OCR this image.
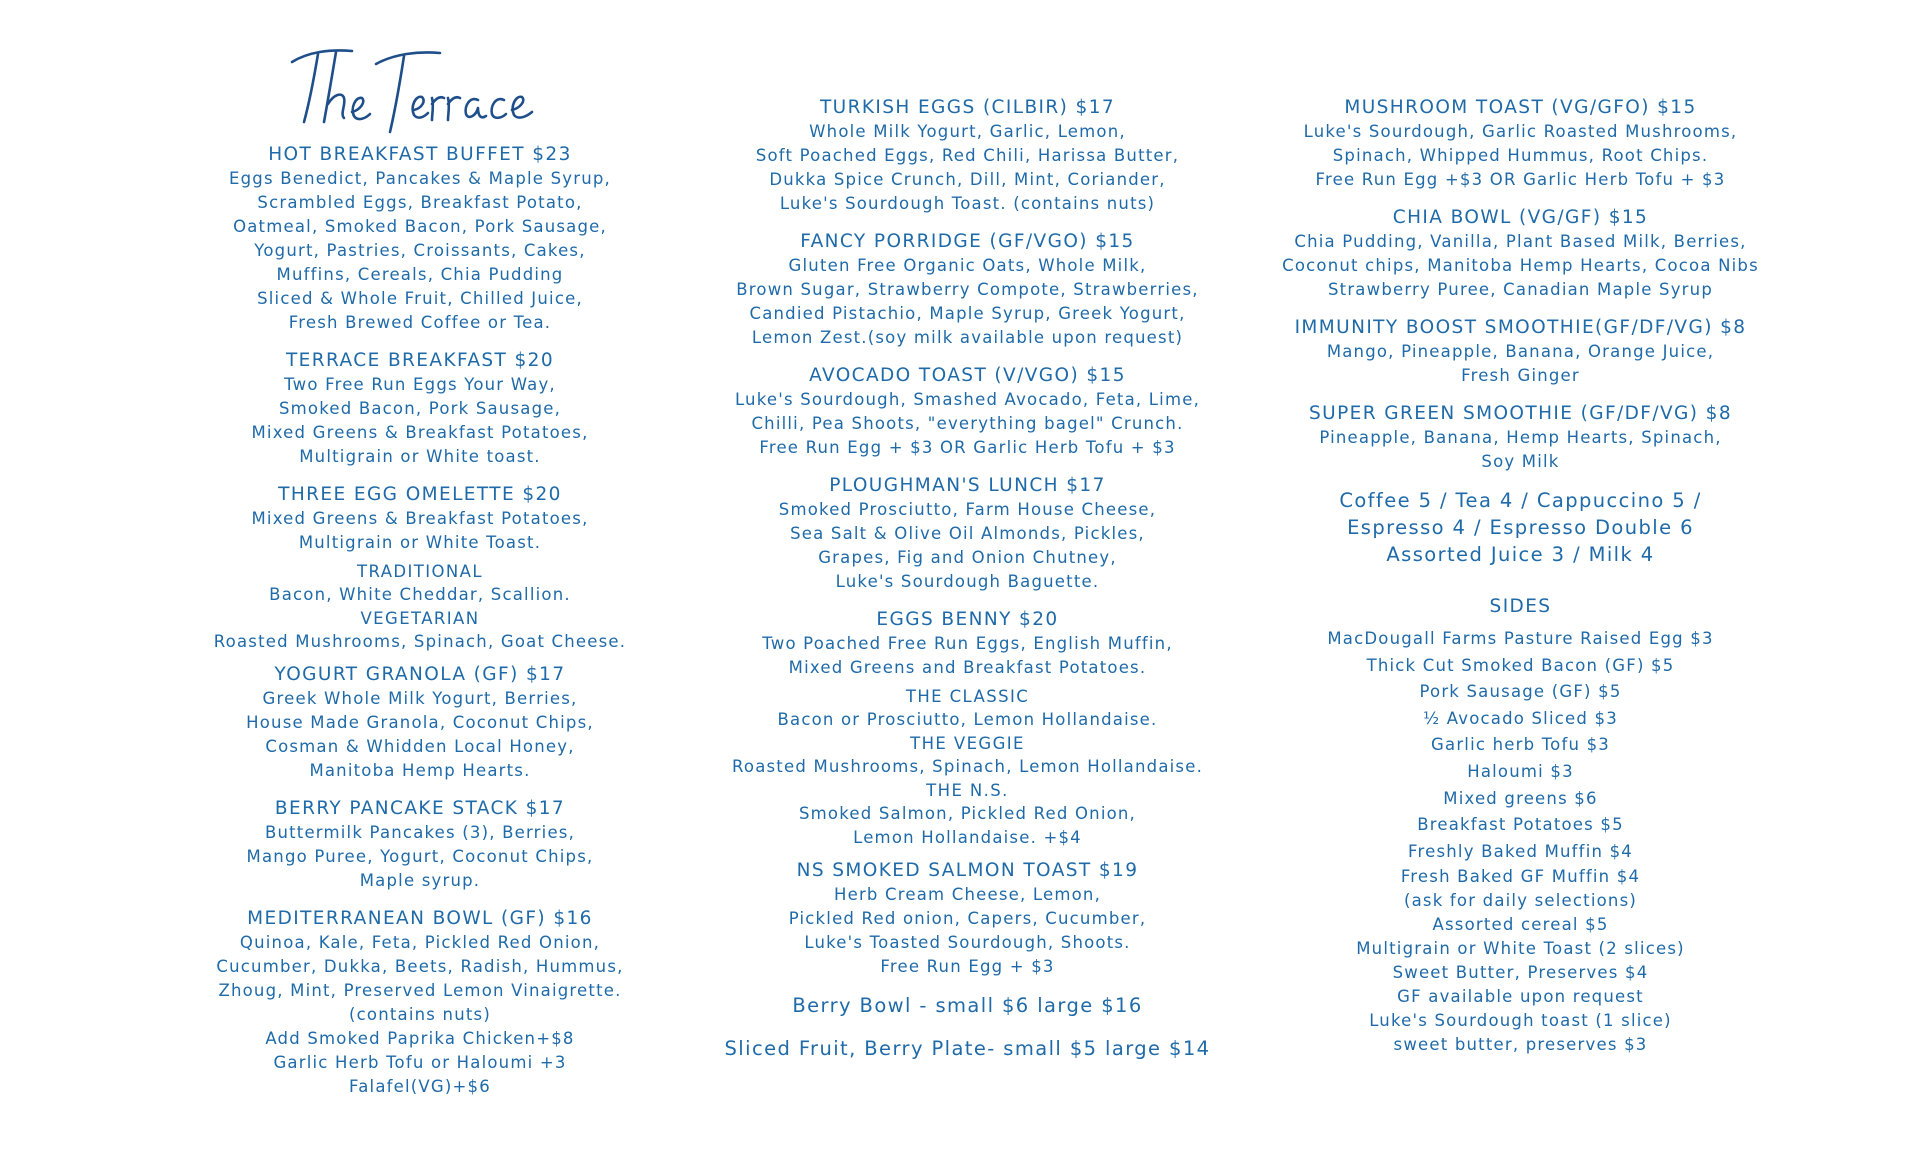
HOT BREAKFAST BUFFET $23
Eggs Benedict, Pancakes & Maple Syrup,
Scrambled Eggs, Breakfast Potato,
Oatmeal, Smoked Bacon, Pork Sausage,
Yogurt, Pastries, Croissants, Cakes,
Muffins, Cereals, Chia Pudding
Sliced & Whole Fruit, Chilled Juice,
Fresh Brewed Coffee or Tea.
TERRACE BREAKFAST $20
Two Free Run Eggs Your Way,
Smoked Bacon, Pork Sausage,
Mixed Greens & Breakfast Potatoes,
Multigrain or White toast.
THREE EGG OMELETTE $20
Mixed Greens & Breakfast Potatoes,
Multigrain or White Toast.
TRADITIONAL
Bacon, White Cheddar, Scallion.
VEGETARIAN
Roasted Mushrooms, Spinach, Goat Cheese.
YOGURT GRANOLA (GF) $17
Greek Whole Milk Yogurt, Berries,
House Made Granola, Coconut Chips,
Cosman & Whidden Local Honey,
Manitoba Hemp Hearts.
BERRY PANCAKE STACK $17
Buttermilk Pancakes (3), Berries,
Mango Puree, Yogurt, Coconut Chips,
Maple syrup.
MEDITERRANEAN BOWL (GF) $16
Quinoa, Kale, Feta, Pickled Red Onion,
Cucumber, Dukka, Beets, Radish, Hummus,
Zhoug, Mint, Preserved Lemon Vinaigrette.
(contains nuts)
Add Smoked Paprika Chicken+$8
Garlic Herb Tofu or Haloumi +3
Falafel(VG)+$6
TURKISH EGGS (CILBIR) $17
Whole Milk Yogurt, Garlic, Lemon,
Soft Poached Eggs, Red Chili, Harissa Butter,
Dukka Spice Crunch, Dill, Mint, Coriander,
Luke's Sourdough Toast. (contains nuts)
FANCY PORRIDGE (GF/VGO) $15
Gluten Free Organic Oats, Whole Milk,
Brown Sugar, Strawberry Compote, Strawberries,
Candied Pistachio, Maple Syrup, Greek Yogurt,
Lemon Zest.(soy milk available upon request)
AVOCADO TOAST (V/VGO) $15
Luke's Sourdough, Smashed Avocado, Feta, Lime,
Chilli, Pea Shoots, "everything bagel" Crunch.
Free Run Egg + $3 OR Garlic Herb Tofu + $3
PLOUGHMAN'S LUNCH $17
Smoked Prosciutto, Farm House Cheese,
Sea Salt & Olive Oil Almonds, Pickles,
Grapes, Fig and Onion Chutney,
Luke's Sourdough Baguette.
EGGS BENNY $20
Two Poached Free Run Eggs, English Muffin,
Mixed Greens and Breakfast Potatoes.
THE CLASSIC
Bacon or Prosciutto, Lemon Hollandaise.
THE VEGGIE
Roasted Mushrooms, Spinach, Lemon Hollandaise.
THE N.S.
Smoked Salmon, Pickled Red Onion,
Lemon Hollandaise. +$4
NS SMOKED SALMON TOAST $19
Herb Cream Cheese, Lemon,
Pickled Red onion, Capers, Cucumber,
Luke's Toasted Sourdough, Shoots.
Free Run Egg + $3
Berry Bowl - small $6 large $16
Sliced Fruit, Berry Plate- small $5 large $14
MUSHROOM TOAST (VG/GFO) $15
Luke's Sourdough, Garlic Roasted Mushrooms,
Spinach, Whipped Hummus, Root Chips.
Free Run Egg +$3 OR Garlic Herb Tofu + $3
CHIA BOWL (VG/GF) $15
Chia Pudding, Vanilla, Plant Based Milk, Berries,
Coconut chips, Manitoba Hemp Hearts, Cocoa Nibs
Strawberry Puree, Canadian Maple Syrup
IMMUNITY BOOST SMOOTHIE(GF/DF/VG) $8
Mango, Pineapple, Banana, Orange Juice,
Fresh Ginger
SUPER GREEN SMOOTHIE (GF/DF/VG) $8
Pineapple, Banana, Hemp Hearts, Spinach,
Soy Milk
Coffee 5 / Tea 4 / Cappuccino 5 /
Espresso 4 / Espresso Double 6
Assorted Juice 3 / Milk 4
SIDES
MacDougall Farms Pasture Raised Egg $3
Thick Cut Smoked Bacon (GF) $5
Pork Sausage (GF) $5
½ Avocado Sliced $3
Garlic herb Tofu $3
Haloumi $3
Mixed greens $6
Breakfast Potatoes $5
Freshly Baked Muffin $4
Fresh Baked GF Muffin $4
(ask for daily selections)
Assorted cereal $5
Multigrain or White Toast (2 slices)
Sweet Butter, Preserves $4
GF available upon request
Luke's Sourdough toast (1 slice)
sweet butter, preserves $3
